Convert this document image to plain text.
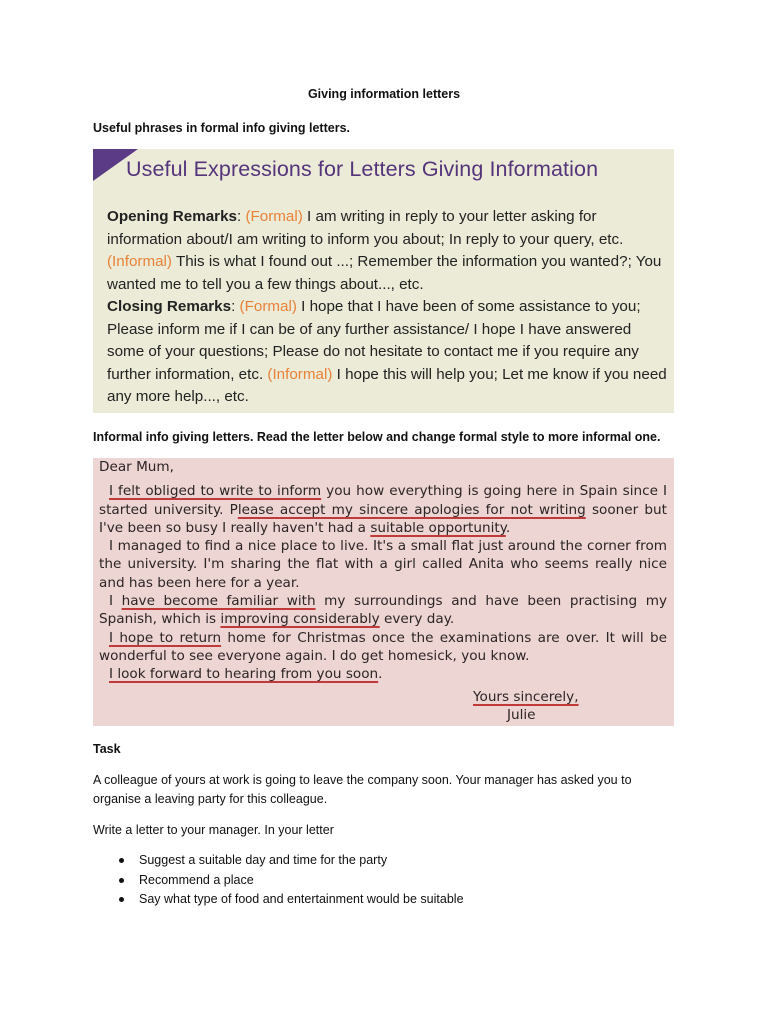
Giving information letters
Useful phrases in formal info giving letters.
Useful Expressions for Letters Giving Information
Opening Remarks: (Formal) I am writing in reply to your letter asking for information about/I am writing to inform you about; In reply to your query, etc. (Informal) This is what I found out ...; Remember the information you wanted?; You wanted me to tell you a few things about..., etc.
Closing Remarks: (Formal) I hope that I have been of some assistance to you; Please inform me if I can be of any further assistance/ I hope I have answered some of your questions; Please do not hesitate to contact me if you require any further information, etc. (Informal) I hope this will help you; Let me know if you need any more help..., etc.
Informal info giving letters. Read the letter below and change formal style to more informal one.

Dear Mum,

I felt obliged to write to inform you how everything is going here in Spain since I started university. Please accept my sincere apologies for not writing sooner but I've been so busy I really haven't had a suitable opportunity.

I managed to find a nice place to live. It's a small flat just around the corner from the university. I'm sharing the flat with a girl called Anita who seems really nice and has been here for a year.

I have become familiar with my surroundings and have been practising my Spanish, which is improving considerably every day.

I hope to return home for Christmas once the examinations are over. It will be wonderful to see everyone again. I do get homesick, you know.

I look forward to hearing from you soon.

Yours sincerely,
Julie
Task
A colleague of yours at work is going to leave the company soon. Your manager has asked you to organise a leaving party for this colleague.
Write a letter to your manager. In your letter
Suggest a suitable day and time for the party
Recommend a place
Say what type of food and entertainment would be suitable
